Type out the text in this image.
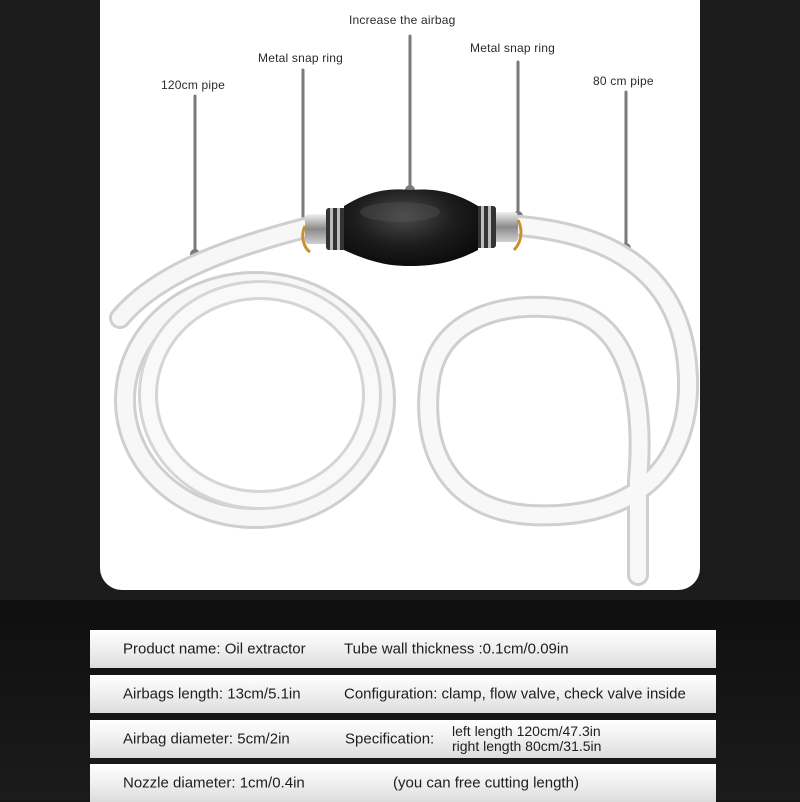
Increase the airbag
Metal snap ring
Metal snap ring
120cm pipe	80 cm pipe
Product name: Oil extractor	Tube wall thickness :0.1cm/0.09in
Airbags length: 13cm/5.1in	Configuration: clamp, flow valve, check valve inside
Airbag diameter: 5cm/2in	Specification: left length 120cm/47.3in
right length 80cm/31.5in
Nozzle diameter: 1cm/0.4in	(you can free cutting length)
